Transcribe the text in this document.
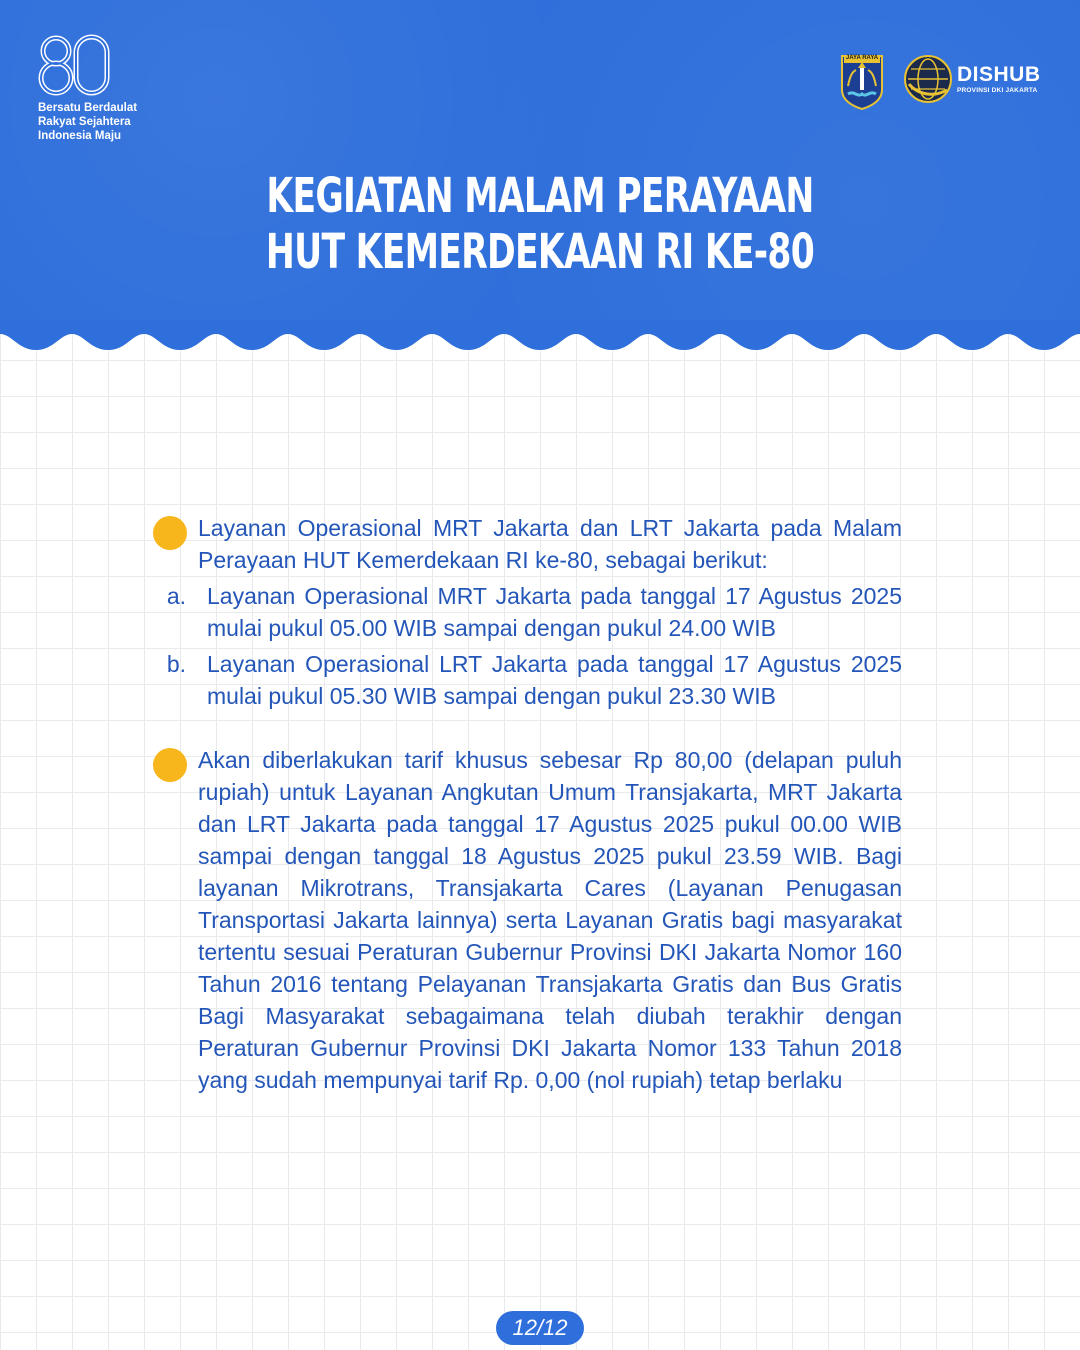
Bersatu Berdaulat
Rakyat Sejahtera
Indonesia Maju
JAYA RAYA
DISHUB
PROVINSI DKI JAKARTA
KEGIATAN MALAM PERAYAAN
HUT KEMERDEKAAN RI KE-80
Layanan Operasional MRT Jakarta dan LRT Jakarta pada Malam Perayaan HUT Kemerdekaan RI ke-80, sebagai berikut:
a. Layanan Operasional MRT Jakarta pada tanggal 17 Agustus 2025 mulai pukul 05.00 WIB sampai dengan pukul 24.00 WIB
b. Layanan Operasional LRT Jakarta pada tanggal 17 Agustus 2025 mulai pukul 05.30 WIB sampai dengan pukul 23.30 WIB
Akan diberlakukan tarif khusus sebesar Rp 80,00 (delapan puluh rupiah) untuk Layanan Angkutan Umum Transjakarta, MRT Jakarta dan LRT Jakarta pada tanggal 17 Agustus 2025 pukul 00.00 WIB sampai dengan tanggal 18 Agustus 2025 pukul 23.59 WIB. Bagi layanan Mikrotrans, Transjakarta Cares (Layanan Penugasan Transportasi Jakarta lainnya) serta Layanan Gratis bagi masyarakat tertentu sesuai Peraturan Gubernur Provinsi DKI Jakarta Nomor 160 Tahun 2016 tentang Pelayanan Transjakarta Gratis dan Bus Gratis Bagi Masyarakat sebagaimana telah diubah terakhir dengan Peraturan Gubernur Provinsi DKI Jakarta Nomor 133 Tahun 2018 yang sudah mempunyai tarif Rp. 0,00 (nol rupiah) tetap berlaku
12/12
